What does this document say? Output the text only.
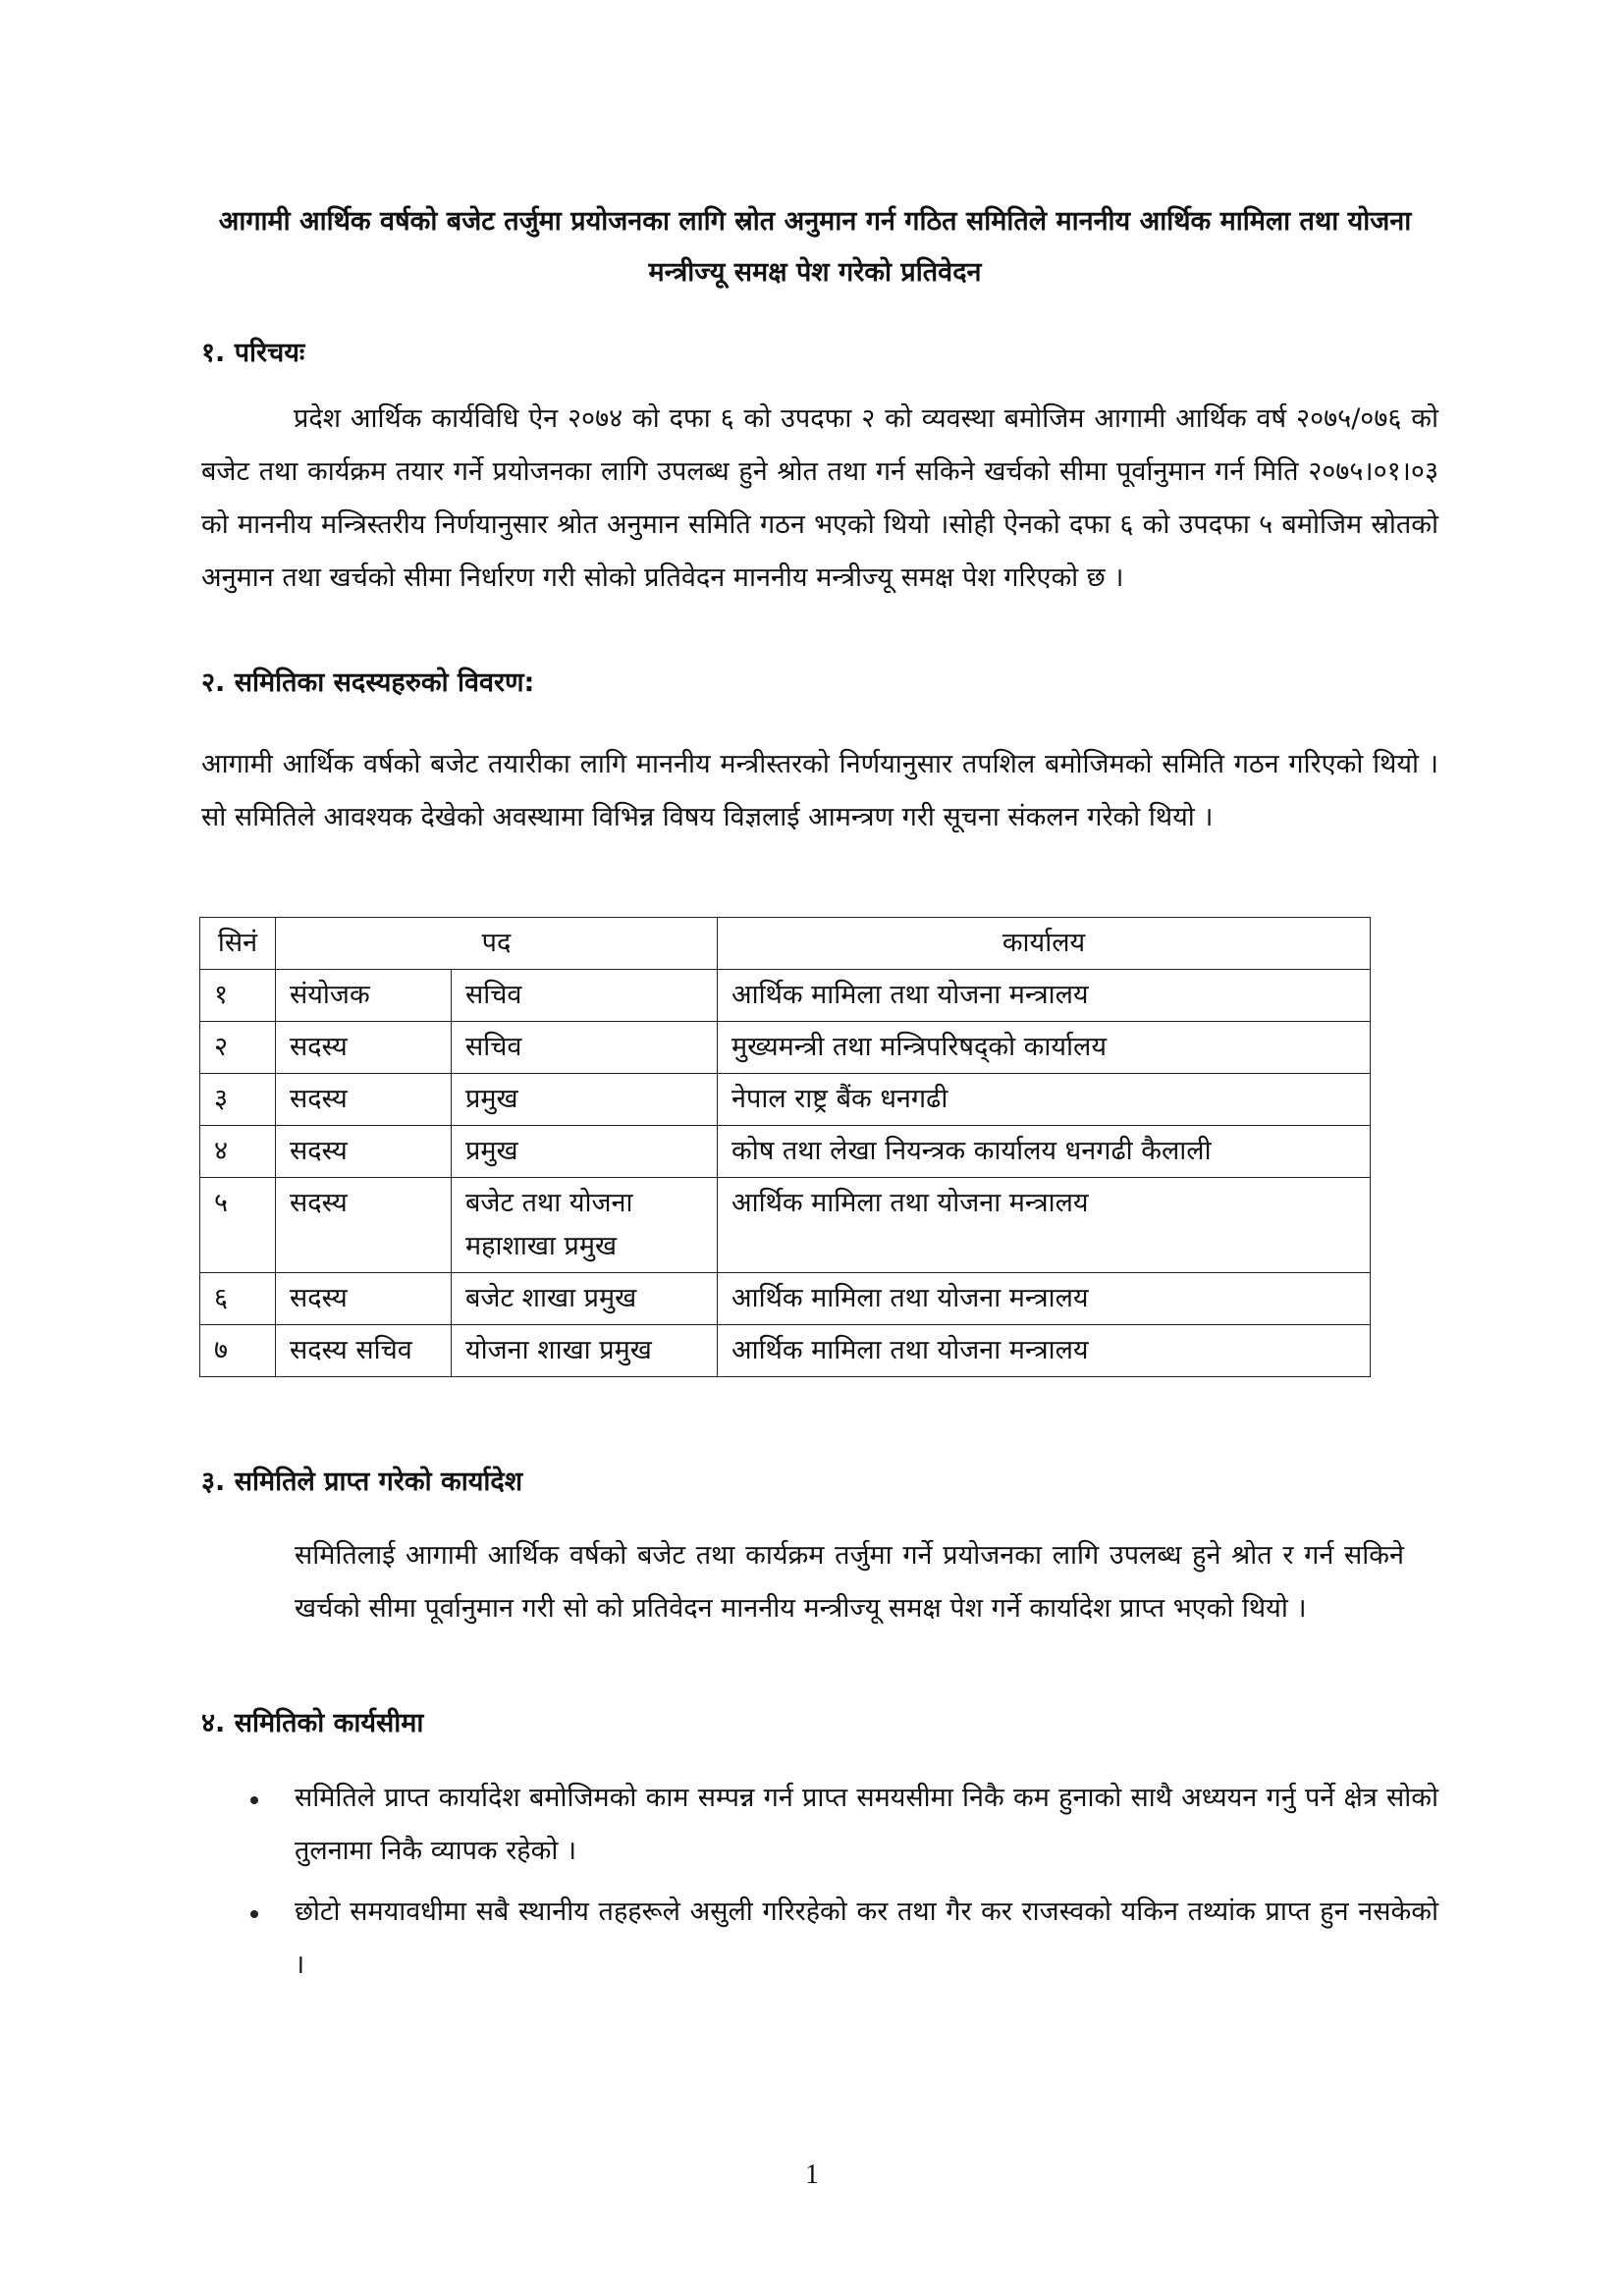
आगामी आर्थिक वर्षको बजेट तर्जुमा प्रयोजनका लागि स्रोत अनुमान गर्न गठित समितिले माननीय आर्थिक मामिला तथा योजना मन्त्रीज्यू समक्ष पेश गरेको प्रतिवेदन
१. परिचयः
प्रदेश आर्थिक कार्यविधि ऐन २०७४ को दफा ६ को उपदफा २ को व्यवस्था बमोजिम आगामी आर्थिक वर्ष २०७५/०७६ को बजेट तथा कार्यक्रम तयार गर्ने प्रयोजनका लागि उपलब्ध हुने श्रोत तथा गर्न सकिने खर्चको सीमा पूर्वानुमान गर्न मिति २०७५।०१।०३ को माननीय मन्त्रिस्तरीय निर्णयानुसार श्रोत अनुमान समिति गठन भएको थियो ।सोही ऐनको दफा ६ को उपदफा ५ बमोजिम स्रोतको अनुमान तथा खर्चको सीमा निर्धारण गरी सोको प्रतिवेदन माननीय मन्त्रीज्यू समक्ष पेश गरिएको छ ।
२. समितिका सदस्यहरुको विवरण:
आगामी आर्थिक वर्षको बजेट तयारीका लागि माननीय मन्त्रीस्तरको निर्णयानुसार तपशिल बमोजिमको समिति गठन गरिएको थियो । सो समितिले आवश्यक देखेको अवस्थामा विभिन्न विषय विज्ञलाई आमन्त्रण गरी सूचना संकलन गरेको थियो ।
सिनं	पद		कार्यालय
१	संयोजक	सचिव	आर्थिक मामिला तथा योजना मन्त्रालय
२	सदस्य	सचिव	मुख्यमन्त्री तथा मन्त्रिपरिषद्को कार्यालय
३	सदस्य	प्रमुख	नेपाल राष्ट्र बैंक धनगढी
४	सदस्य	प्रमुख	कोष तथा लेखा नियन्त्रक कार्यालय धनगढी कैलाली
५	सदस्य	बजेट तथा योजना महाशाखा प्रमुख	आर्थिक मामिला तथा योजना मन्त्रालय
६	सदस्य	बजेट शाखा प्रमुख	आर्थिक मामिला तथा योजना मन्त्रालय
७	सदस्य सचिव	योजना शाखा प्रमुख	आर्थिक मामिला तथा योजना मन्त्रालय
३. समितिले प्राप्त गरेको कार्यादेश
समितिलाई आगामी आर्थिक वर्षको बजेट तथा कार्यक्रम तर्जुमा गर्ने प्रयोजनका लागि उपलब्ध हुने श्रोत र गर्न सकिने खर्चको सीमा पूर्वानुमान गरी सो को प्रतिवेदन माननीय मन्त्रीज्यू समक्ष पेश गर्ने कार्यादेश प्राप्त भएको थियो ।
४. समितिको कार्यसीमा
समितिले प्राप्त कार्यादेश बमोजिमको काम सम्पन्न गर्न प्राप्त समयसीमा निकै कम हुनाको साथै अध्ययन गर्नु पर्ने क्षेत्र सोको तुलनामा निकै व्यापक रहेको ।
छोटो समयावधीमा सबै स्थानीय तहहरूले असुली गरिरहेको कर तथा गैर कर राजस्वको यकिन तथ्यांक प्राप्त हुन नसकेको ।
1
